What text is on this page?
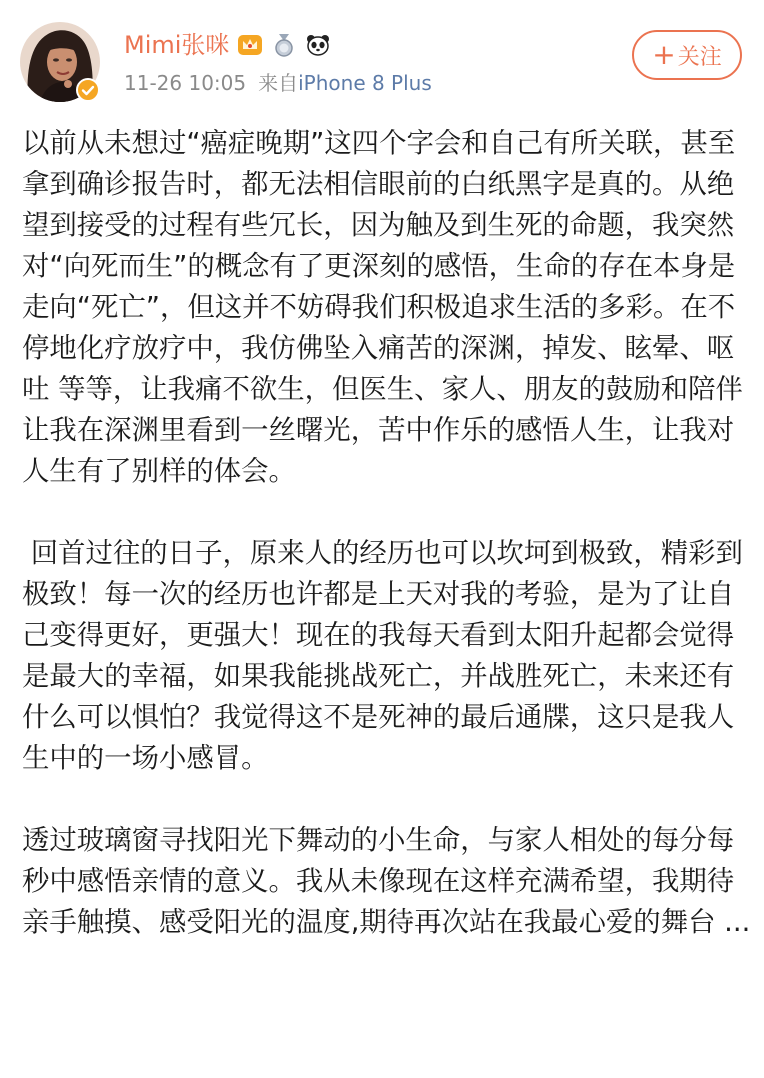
Mimi张咪
11-26 10:05 来自iPhone 8 Plus
+ 关注

以前从未想过“癌症晚期”这四个字会和自己有所关联，甚至拿到确诊报告时，都无法相信眼前的白纸黑字是真的。从绝望到接受的过程有些冗长，因为触及到生死的命题，我突然对“向死而生”的概念有了更深刻的感悟，生命的存在本身是走向“死亡”，但这并不妨碍我们积极追求生活的多彩。在不停地化疗放疗中，我仿佛坠入痛苦的深渊，掉发、眩晕、呕吐 等等，让我痛不欲生，但医生、家人、朋友的鼓励和陪伴让我在深渊里看到一丝曙光，苦中作乐的感悟人生，让我对人生有了别样的体会。

回首过往的日子，原来人的经历也可以坎坷到极致，精彩到极致！每一次的经历也许都是上天对我的考验，是为了让自己变得更好，更强大！现在的我每天看到太阳升起都会觉得是最大的幸福，如果我能挑战死亡，并战胜死亡，未来还有什么可以惧怕？我觉得这不是死神的最后通牒，这只是我人生中的一场小感冒。

透过玻璃窗寻找阳光下舞动的小生命，与家人相处的每分每秒中感悟亲情的意义。我从未像现在这样充满希望，我期待亲手触摸、感受阳光的温度,期待再次站在我最心爱的舞台 ...
